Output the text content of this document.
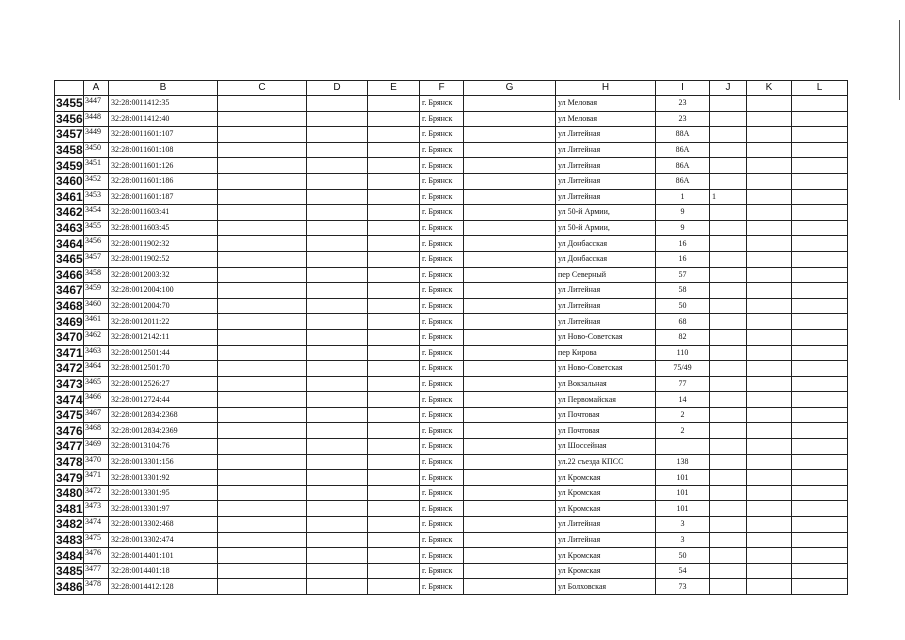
	A	B	C	D	E	F	G	H	I	J	K	L
3455	3447	32:28:0011412:35				г. Брянск		ул Меловая	23			
3456	3448	32:28:0011412:40				г. Брянск		ул Меловая	23			
3457	3449	32:28:0011601:107				г. Брянск		ул Литейная	88А			
3458	3450	32:28:0011601:108				г. Брянск		ул Литейная	86А			
3459	3451	32:28:0011601:126				г. Брянск		ул Литейная	86А			
3460	3452	32:28:0011601:186				г. Брянск		ул Литейная	86А			
3461	3453	32:28:0011601:187				г. Брянск		ул Литейная	1	1		
3462	3454	32:28:0011603:41				г. Брянск		ул 50-й Армии,	9			
3463	3455	32:28:0011603:45				г. Брянск		ул 50-й Армии,	9			
3464	3456	32:28:0011902:32				г. Брянск		ул Донбасская	16			
3465	3457	32:28:0011902:52				г. Брянск		ул Донбасская	16			
3466	3458	32:28:0012003:32				г. Брянск		пер Северный	57			
3467	3459	32:28:0012004:100				г. Брянск		ул Литейная	58			
3468	3460	32:28:0012004:70				г. Брянск		ул Литейная	50			
3469	3461	32:28:0012011:22				г. Брянск		ул Литейная	68			
3470	3462	32:28:0012142:11				г. Брянск		ул Ново-Советская	82			
3471	3463	32:28:0012501:44				г. Брянск		пер Кирова	110			
3472	3464	32:28:0012501:70				г. Брянск		ул Ново-Советская	75/49			
3473	3465	32:28:0012526:27				г. Брянск		ул Вокзальная	77			
3474	3466	32:28:0012724:44				г. Брянск		ул Первомайская	14			
3475	3467	32:28:0012834:2368				г. Брянск		ул Почтовая	2			
3476	3468	32:28:0012834:2369				г. Брянск		ул Почтовая	2			
3477	3469	32:28:0013104:76				г. Брянск		ул Шоссейная				
3478	3470	32:28:0013301:156				г. Брянск		ул.22 съезда КПСС	138			
3479	3471	32:28:0013301:92				г. Брянск		ул Кромская	101			
3480	3472	32:28:0013301:95				г. Брянск		ул Кромская	101			
3481	3473	32:28:0013301:97				г. Брянск		ул Кромская	101			
3482	3474	32:28:0013302:468				г. Брянск		ул Литейная	3			
3483	3475	32:28:0013302:474				г. Брянск		ул Литейная	3			
3484	3476	32:28:0014401:101				г. Брянск		ул Кромская	50			
3485	3477	32:28:0014401:18				г. Брянск		ул Кромская	54			
3486	3478	32:28:0014412:128				г. Брянск		ул Болховская	73			
